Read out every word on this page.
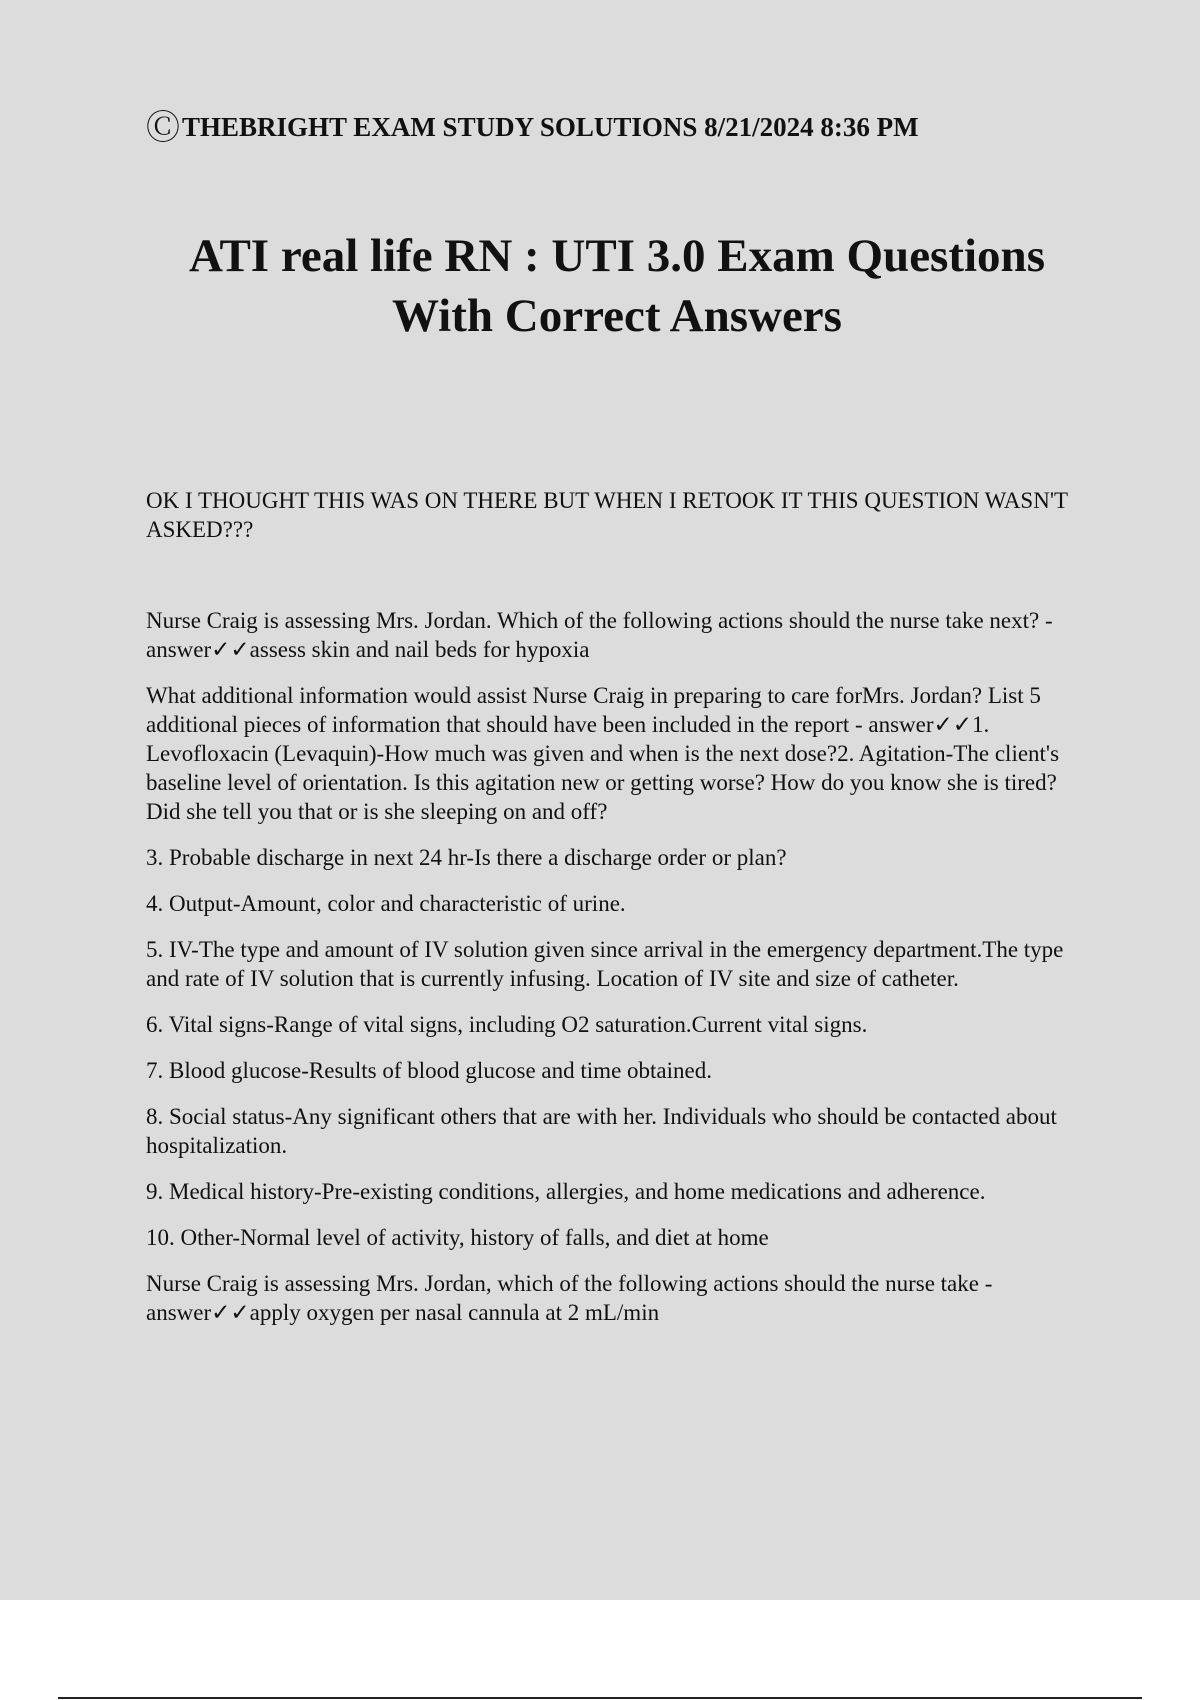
ⒸTHEBRIGHT EXAM STUDY SOLUTIONS 8/21/2024 8:36 PM
ATI real life RN : UTI 3.0 Exam Questions
With Correct Answers
OK I THOUGHT THIS WAS ON THERE BUT WHEN I RETOOK IT THIS QUESTION WASN'T ASKED???

Nurse Craig is assessing Mrs. Jordan. Which of the following actions should the nurse take next? - answer✓✓assess skin and nail beds for hypoxia

What additional information would assist Nurse Craig in preparing to care forMrs. Jordan? List 5 additional pieces of information that should have been included in the report - answer✓✓1. Levofloxacin (Levaquin)-How much was given and when is the next dose?2. Agitation-The client's baseline level of orientation. Is this agitation new or getting worse? How do you know she is tired? Did she tell you that or is she sleeping on and off?

3. Probable discharge in next 24 hr-Is there a discharge order or plan?

4. Output-Amount, color and characteristic of urine.

5. IV-The type and amount of IV solution given since arrival in the emergency department.The type and rate of IV solution that is currently infusing. Location of IV site and size of catheter.

6. Vital signs-Range of vital signs, including O2 saturation.Current vital signs.

7. Blood glucose-Results of blood glucose and time obtained.

8. Social status-Any significant others that are with her. Individuals who should be contacted about hospitalization.

9. Medical history-Pre-existing conditions, allergies, and home medications and adherence.

10. Other-Normal level of activity, history of falls, and diet at home

Nurse Craig is assessing Mrs. Jordan, which of the following actions should the nurse take - answer✓✓apply oxygen per nasal cannula at 2 mL/min
